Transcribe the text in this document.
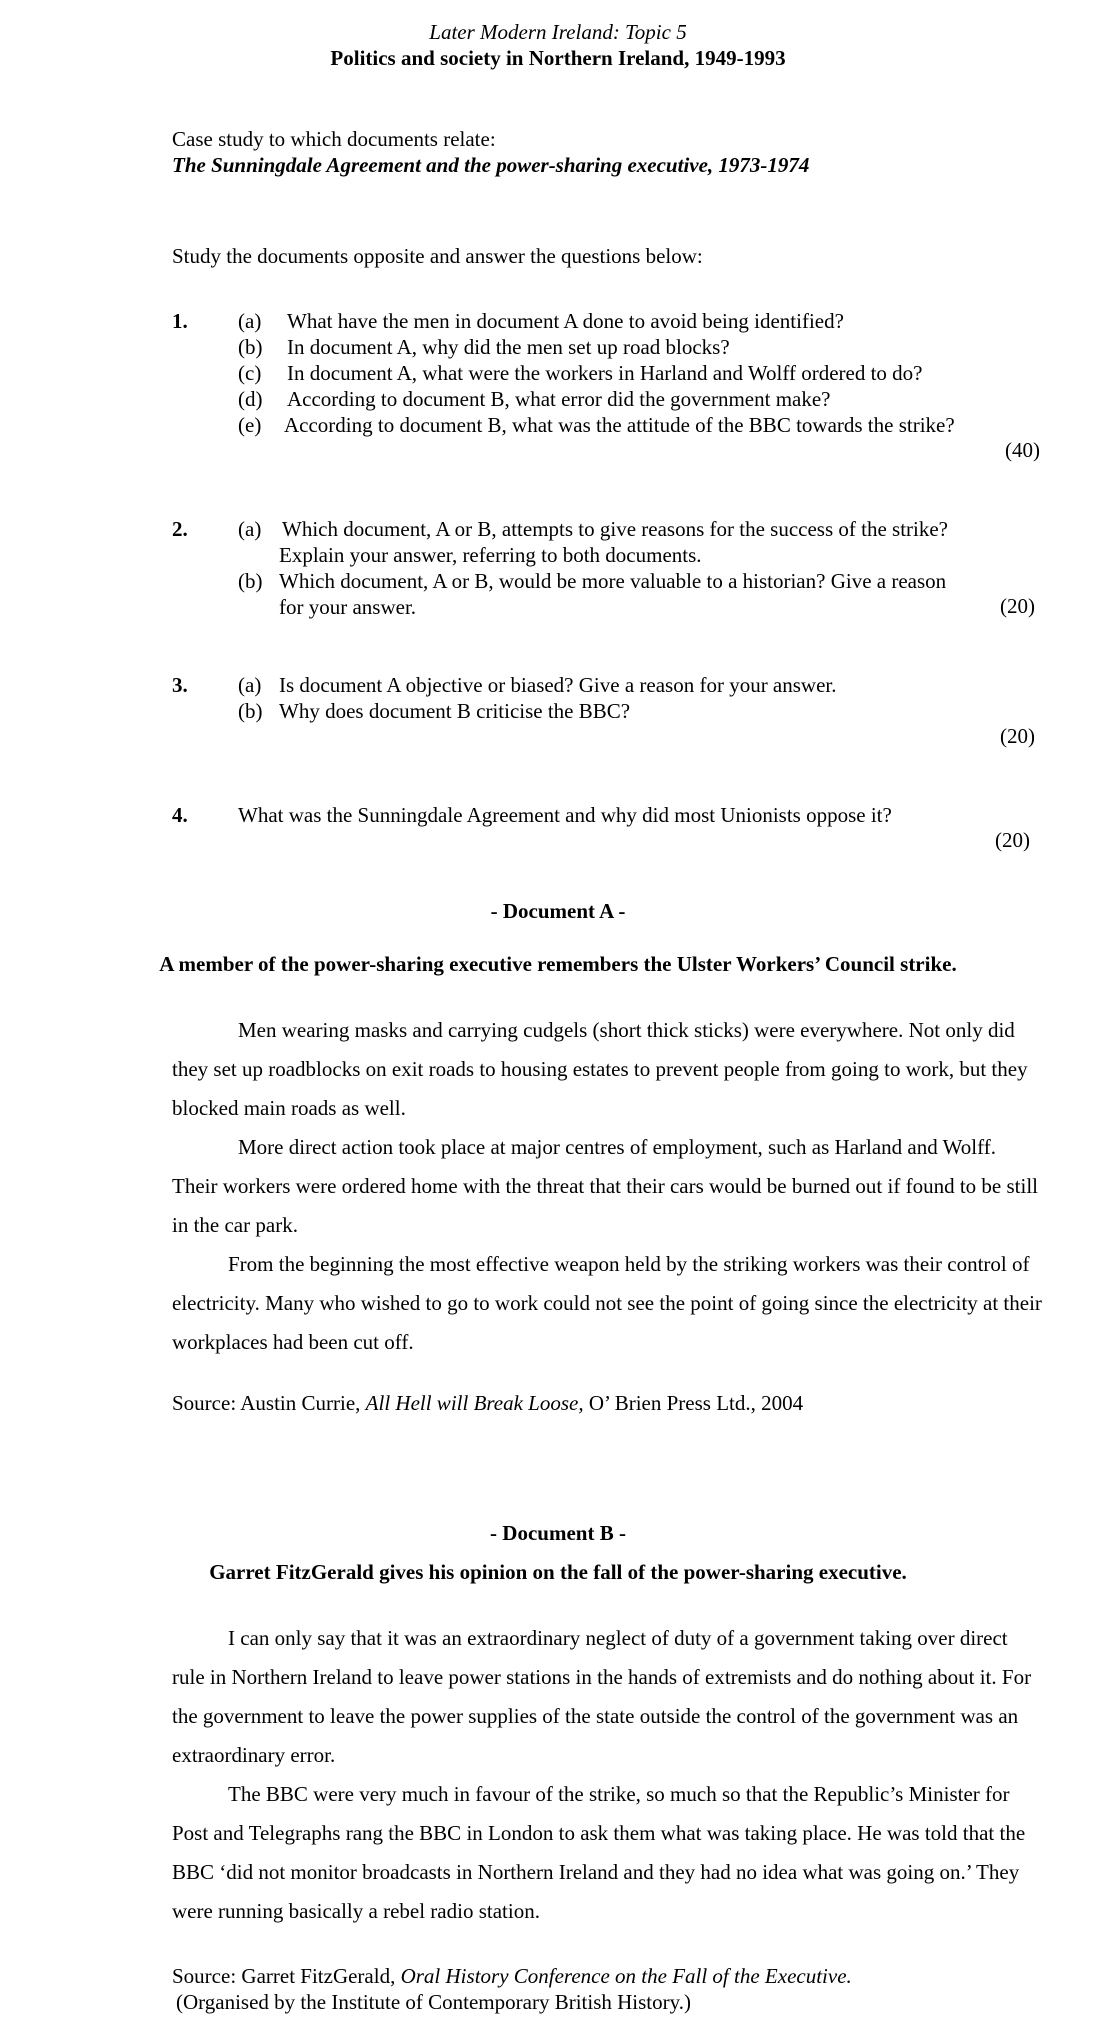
Later Modern Ireland: Topic 5
Politics and society in Northern Ireland, 1949-1993
Case study to which documents relate:
The Sunningdale Agreement and the power-sharing executive, 1973-1974
Study the documents opposite and answer the questions below:
1. (a) What have the men in document A done to avoid being identified?
(b) In document A, why did the men set up road blocks?
(c) In document A, what were the workers in Harland and Wolff ordered to do?
(d) According to document B, what error did the government make?
(e) According to document B, what was the attitude of the BBC towards the strike?
(40)
2. (a) Which document, A or B, attempts to give reasons for the success of the strike?
Explain your answer, referring to both documents.
(b) Which document, A or B, would be more valuable to a historian? Give a reason
for your answer.	(20)
3. (a) Is document A objective or biased? Give a reason for your answer.
(b) Why does document B criticise the BBC?
(20)
4. What was the Sunningdale Agreement and why did most Unionists oppose it?
(20)
- Document A -
A member of the power-sharing executive remembers the Ulster Workers’ Council strike.
Men wearing masks and carrying cudgels (short thick sticks) were everywhere. Not only did they set up roadblocks on exit roads to housing estates to prevent people from going to work, but they blocked main roads as well.
More direct action took place at major centres of employment, such as Harland and Wolff. Their workers were ordered home with the threat that their cars would be burned out if found to be still in the car park.
From the beginning the most effective weapon held by the striking workers was their control of electricity. Many who wished to go to work could not see the point of going since the electricity at their workplaces had been cut off.
Source: Austin Currie, All Hell will Break Loose, O’ Brien Press Ltd., 2004
- Document B -
Garret FitzGerald gives his opinion on the fall of the power-sharing executive.
I can only say that it was an extraordinary neglect of duty of a government taking over direct rule in Northern Ireland to leave power stations in the hands of extremists and do nothing about it. For the government to leave the power supplies of the state outside the control of the government was an extraordinary error.
The BBC were very much in favour of the strike, so much so that the Republic’s Minister for Post and Telegraphs rang the BBC in London to ask them what was taking place. He was told that the BBC ‘did not monitor broadcasts in Northern Ireland and they had no idea what was going on.’ They were running basically a rebel radio station.
Source: Garret FitzGerald, Oral History Conference on the Fall of the Executive.
(Organised by the Institute of Contemporary British History.)
